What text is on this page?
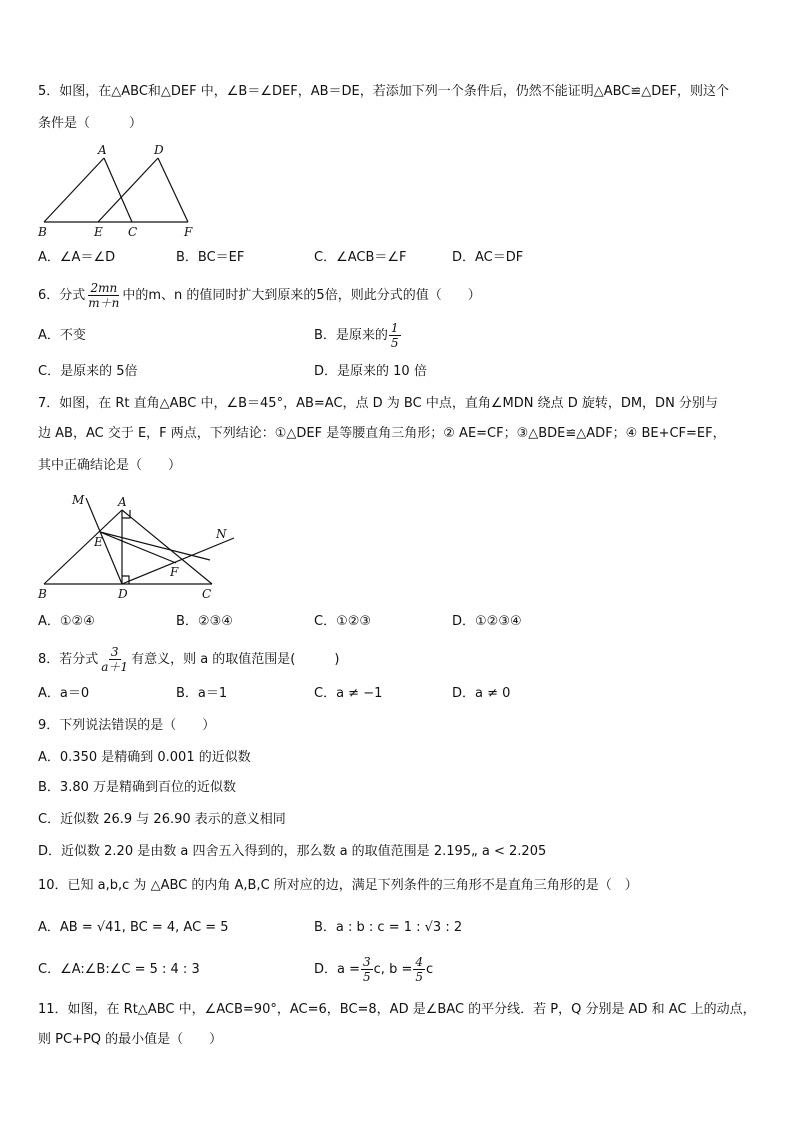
5．如图，在△ABC和△DEF 中，∠B＝∠DEF，AB＝DE，若添加下列一个条件后，仍然不能证明△ABC≌△DEF，则这个
条件是（　　　）
A	D
B	E C	F
A．∠A＝∠D	B．BC＝EF	C．∠ACB＝∠F	D．AC＝DF
6．分式 $\frac{2mn}{m+n}$ 中的m、n 的值同时扩大到原来的5倍，则此分式的值（　　）
A．不变	B．是原来的 $\frac{1}{5}$
C．是原来的 5倍	D．是原来的 10 倍
7．如图，在 Rt 直角△ABC 中，∠B＝45°，AB=AC，点 D 为 BC 中点，直角∠MDN 绕点 D 旋转，DM，DN 分别与
边 AB，AC 交于 E，F 两点，下列结论：①△DEF 是等腰直角三角形；② AE=CF；③△BDE≌△ADF；④ BE+CF=EF，
其中正确结论是（　　）
M	A
N
E
F
B	D	C
A．①②④	B．②③④	C．①②③	D．①②③④
8．若分式 $\frac{3}{a+1}$ 有意义，则 a 的取值范围是(　　　)
A．a＝0	B．a＝1	C．a ≠ −1	D．a ≠ 0
9．下列说法错误的是（　　）
A．0.350 是精确到 0.001 的近似数
B．3.80 万是精确到百位的近似数
C．近似数 26.9 与 26.90 表示的意义相同
D．近似数 2.20 是由数 a 四舍五入得到的，那么数 a 的取值范围是 2.195„ a < 2.205
10．已知 a,b,c 为 △ABC 的内角 A,B,C 所对应的边，满足下列条件的三角形不是直角三角形的是（　）
A．AB = √41, BC = 4, AC = 5	B．a : b : c = 1 : √3 : 2
C．∠A:∠B:∠C = 5 : 4 : 3	D．$a = \frac{3}{5} c$, $b = \frac{4}{5}$ c
11．如图，在 Rt△ABC 中，∠ACB=90°，AC=6，BC=8，AD 是∠BAC 的平分线．若 P，Q 分别是 AD 和 AC 上的动点，
则 PC+PQ 的最小值是（　　）
